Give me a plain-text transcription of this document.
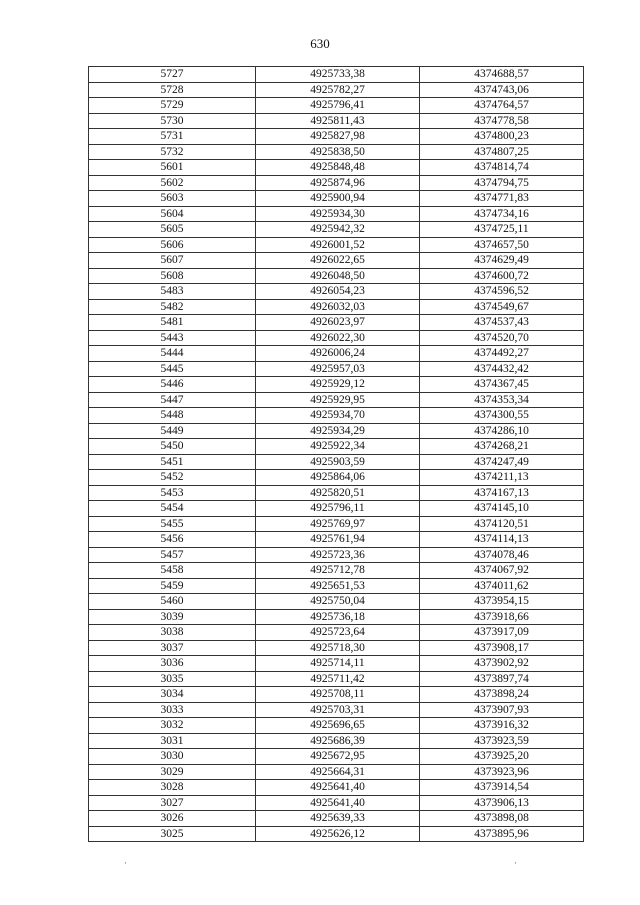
630
5727	4925733,38	4374688,57
5728	4925782,27	4374743,06
5729	4925796,41	4374764,57
5730	4925811,43	4374778,58
5731	4925827,98	4374800,23
5732	4925838,50	4374807,25
5601	4925848,48	4374814,74
5602	4925874,96	4374794,75
5603	4925900,94	4374771,83
5604	4925934,30	4374734,16
5605	4925942,32	4374725,11
5606	4926001,52	4374657,50
5607	4926022,65	4374629,49
5608	4926048,50	4374600,72
5483	4926054,23	4374596,52
5482	4926032,03	4374549,67
5481	4926023,97	4374537,43
5443	4926022,30	4374520,70
5444	4926006,24	4374492,27
5445	4925957,03	4374432,42
5446	4925929,12	4374367,45
5447	4925929,95	4374353,34
5448	4925934,70	4374300,55
5449	4925934,29	4374286,10
5450	4925922,34	4374268,21
5451	4925903,59	4374247,49
5452	4925864,06	4374211,13
5453	4925820,51	4374167,13
5454	4925796,11	4374145,10
5455	4925769,97	4374120,51
5456	4925761,94	4374114,13
5457	4925723,36	4374078,46
5458	4925712,78	4374067,92
5459	4925651,53	4374011,62
5460	4925750,04	4373954,15
3039	4925736,18	4373918,66
3038	4925723,64	4373917,09
3037	4925718,30	4373908,17
3036	4925714,11	4373902,92
3035	4925711,42	4373897,74
3034	4925708,11	4373898,24
3033	4925703,31	4373907,93
3032	4925696,65	4373916,32
3031	4925686,39	4373923,59
3030	4925672,95	4373925,20
3029	4925664,31	4373923,96
3028	4925641,40	4373914,54
3027	4925641,40	4373906,13
3026	4925639,33	4373898,08
3025	4925626,12	4373895,96
·	·
